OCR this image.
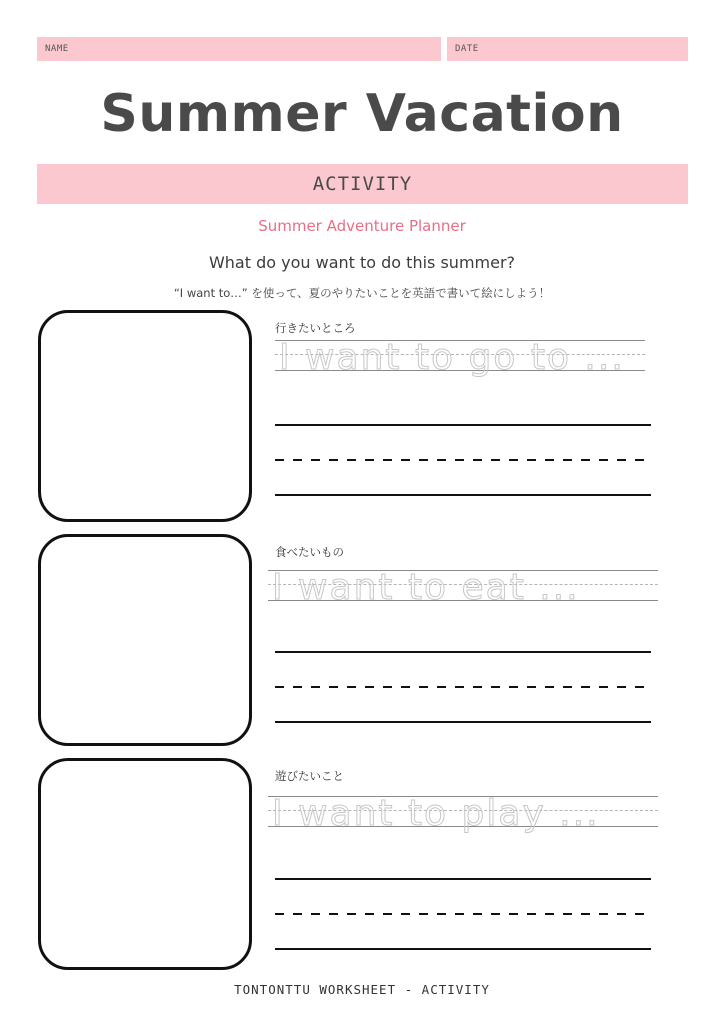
NAME	DATE
Summer Vacation
ACTIVITY
Summer Adventure Planner
What do you want to do this summer?
“I want to…” を使って、夏のやりたいことを英語で書いて絵にしよう！
行きたいところ
I want to go to ...
食べたいもの
I want to eat ...
遊びたいこと
I want to play ...
TONTONTTU WORKSHEET - ACTIVITY
